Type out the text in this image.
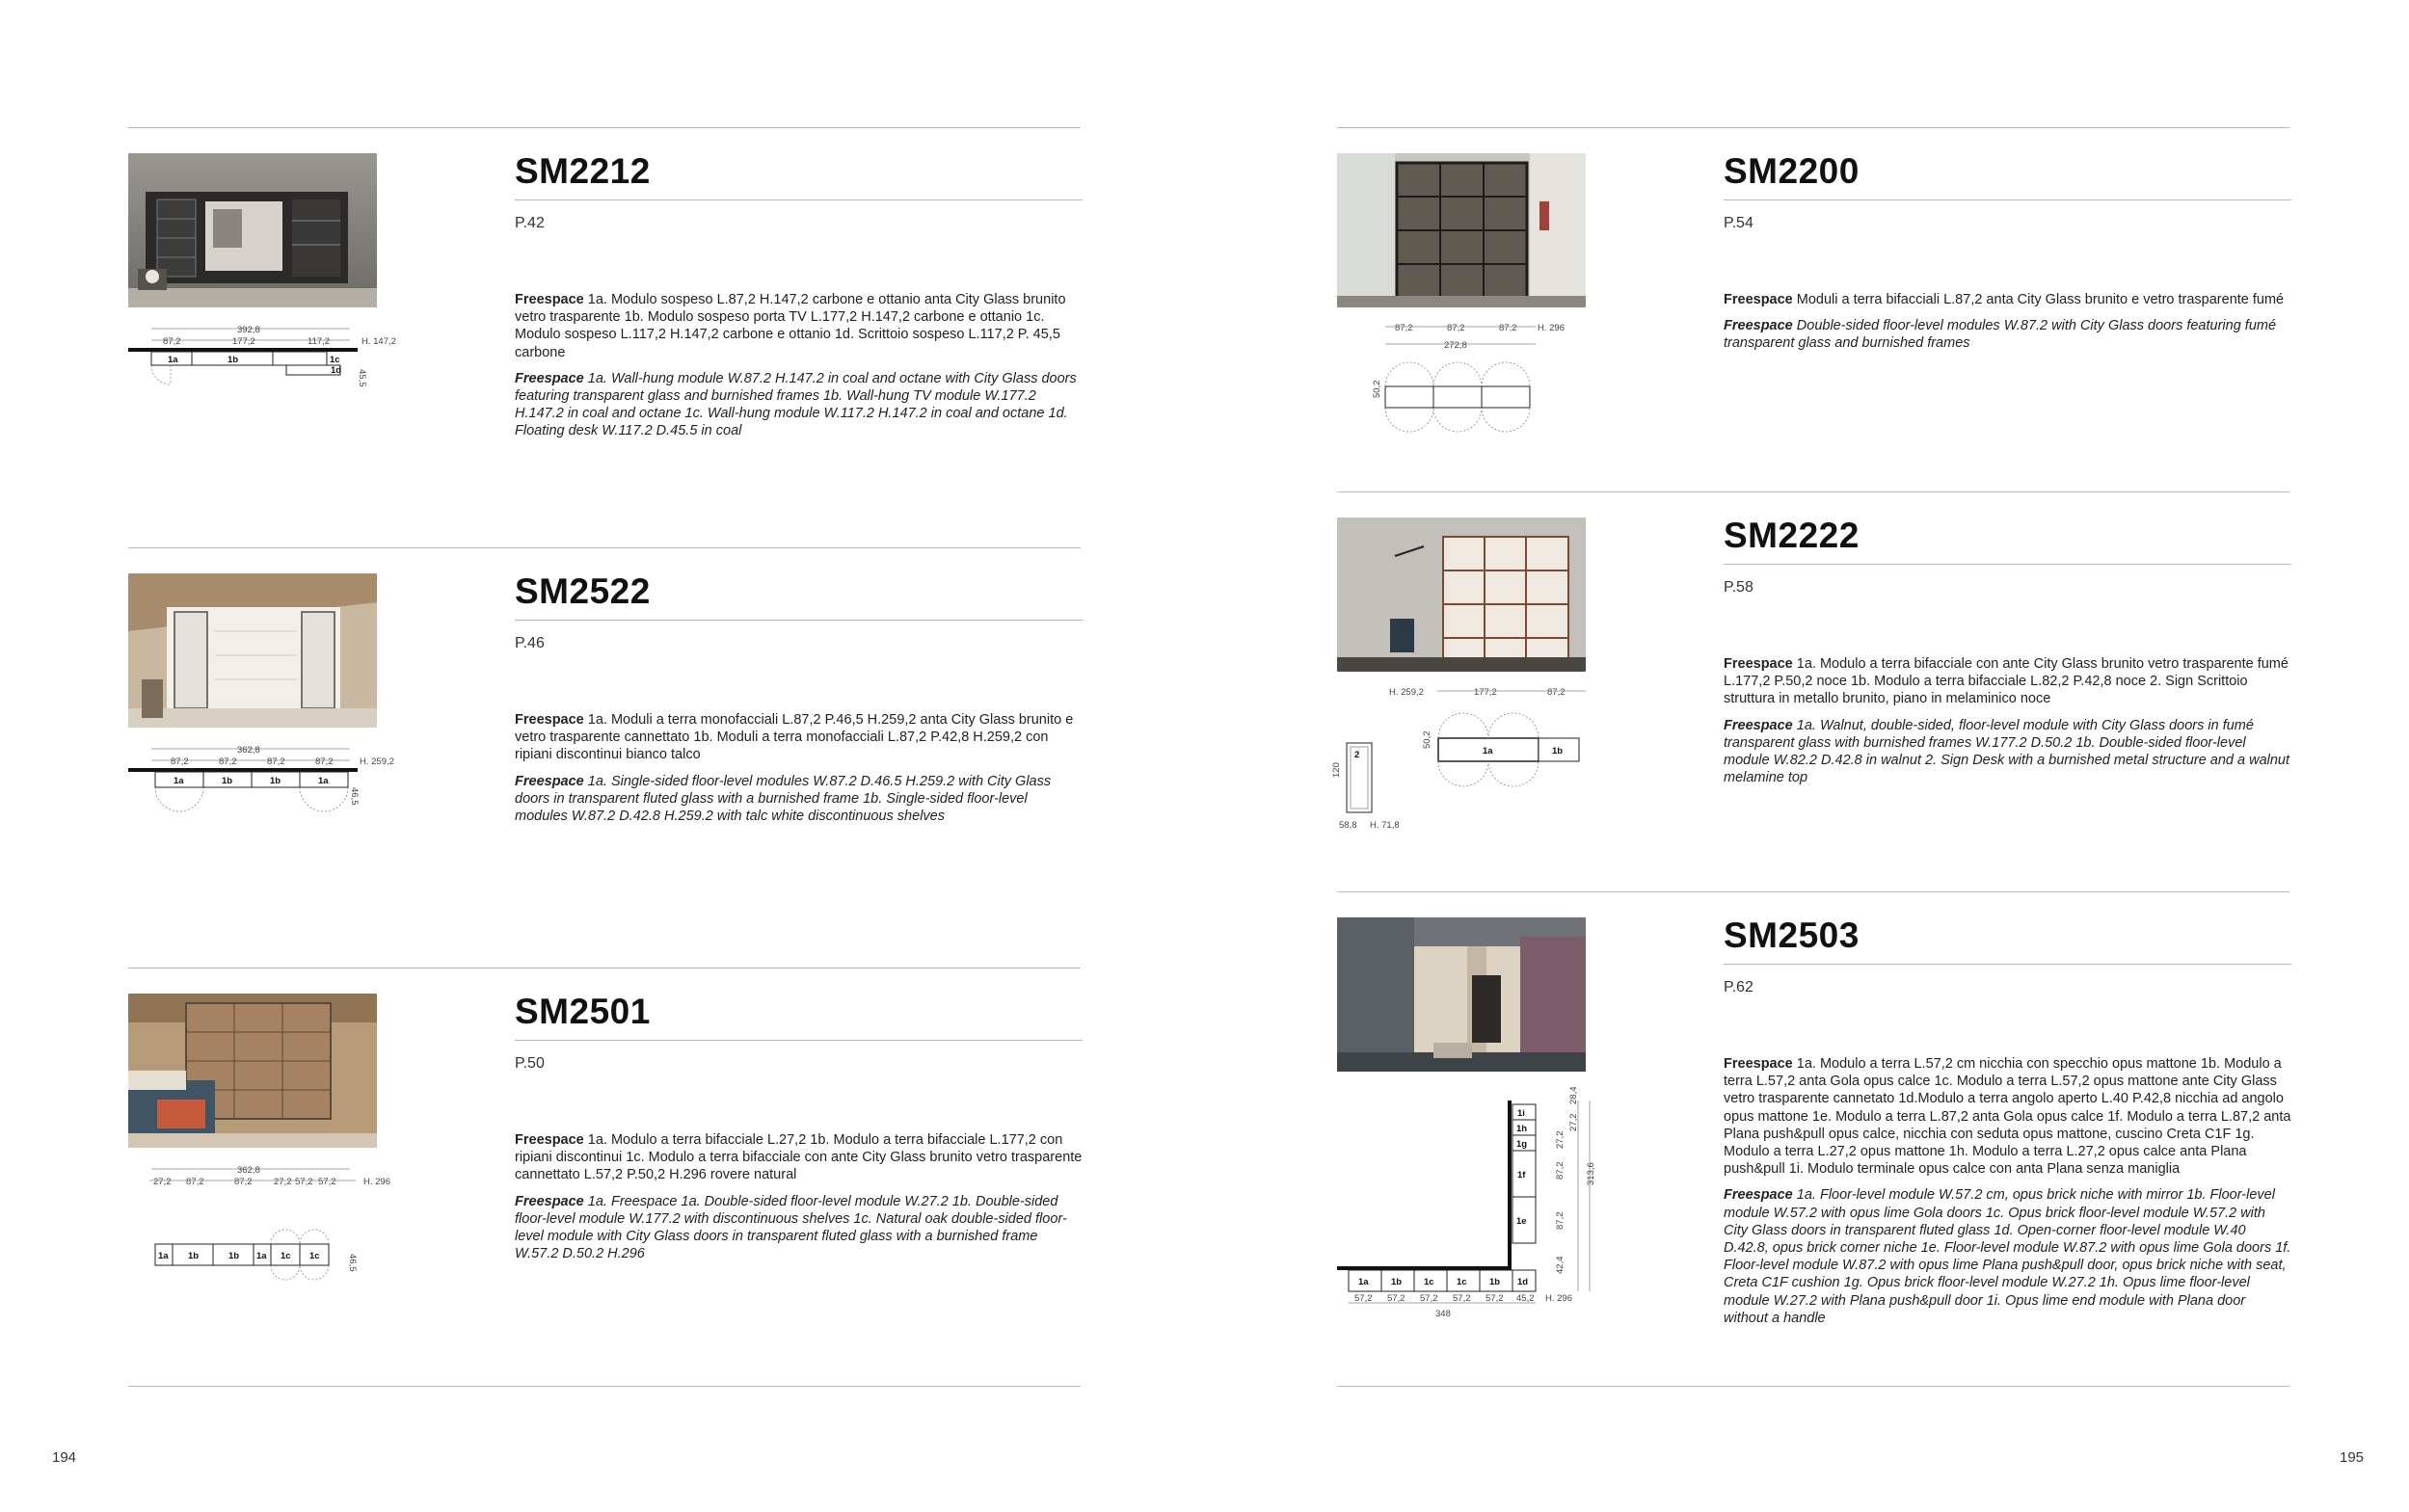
392,8
87,2	177,2	117,2	H. 147,2
1a	1b	1c
1d 45,5
SM2212
P.42
Freespace 1a. Modulo sospeso L.87,2 H.147,2 carbone e ottanio anta City Glass brunito vetro trasparente 1b. Modulo sospeso porta TV L.177,2 H.147,2 carbone e ottanio 1c. Modulo sospeso L.117,2 H.147,2 carbone e ottanio 1d. Scrittoio sospeso L.117,2 P. 45,5 carbone
Freespace 1a. Wall-hung module W.87.2 H.147.2 in coal and octane with City Glass doors featuring transparent glass and burnished frames 1b. Wall-hung TV module W.177.2 H.147.2 in coal and octane 1c. Wall-hung module W.117.2 H.147.2 in coal and octane 1d. Floating desk W.117.2 D.45.5 in coal
362,8
87,2	87,2	87,2	87,2	H. 259,2
1a	1b	1b	1a
46,5
SM2522
P.46
Freespace 1a. Moduli a terra monofacciali L.87,2 P.46,5 H.259,2 anta City Glass brunito e vetro trasparente cannettato 1b. Moduli a terra monofacciali L.87,2 P.42,8 H.259,2 con ripiani discontinui bianco talco
Freespace 1a. Single-sided floor-level modules W.87.2 D.46.5 H.259.2 with City Glass doors in transparent fluted glass with a burnished frame 1b. Single-sided floor-level modules W.87.2 D.42.8 H.259.2 with talc white discontinuous shelves
362,8
27,2 87,2	87,2 27,2 57,2 57,2	H. 296
1a 1b	1b 1a 1c 1c	46,5
SM2501
P.50
Freespace 1a. Modulo a terra bifacciale L.27,2 1b. Modulo a terra bifacciale L.177,2 con ripiani discontinui 1c. Modulo a terra bifacciale con ante City Glass brunito vetro trasparente cannettato L.57,2 P.50,2 H.296 rovere natural
Freespace 1a. Freespace 1a. Double-sided floor-level module W.27.2 1b. Double-sided floor-level module W.177.2 with discontinuous shelves 1c. Natural oak double-sided floor-level module with City Glass doors in transparent fluted glass with a burnished frame W.57.2 D.50.2 H.296
87,2	87,2	87,2 H. 296
272,8
50,2
SM2200
P.54
Freespace Moduli a terra bifacciali L.87,2 anta City Glass brunito e vetro trasparente fumé
Freespace Double-sided floor-level modules W.87.2 with City Glass doors featuring fumé transparent glass and burnished frames
H. 259,2	177,2	87,2
1a	1b
50,2
2
120
58,8 H. 71,8
SM2222
P.58
Freespace 1a. Modulo a terra bifacciale con ante City Glass brunito vetro trasparente fumé L.177,2 P.50,2 noce 1b. Modulo a terra bifacciale L.82,2 P.42,8 noce 2. Sign Scrittoio struttura in metallo brunito, piano in melaminico noce
Freespace 1a. Walnut, double-sided, floor-level module with City Glass doors in fumé transparent glass with burnished frames W.177.2 D.50.2 1b. Double-sided floor-level module W.82.2 D.42.8 in walnut 2. Sign Desk with a burnished metal structure and a walnut melamine top
1i
1h
1g
1f
1e
1a 1b 1c 1c 1b 1d
42,4
87,2
87,2
27,2
27,2
28,4
313,6
57,2 57,2 57,2 57,2 57,2 45,2 H. 296
348
SM2503
P.62
Freespace 1a. Modulo a terra L.57,2 cm nicchia con specchio opus mattone 1b. Modulo a terra L.57,2 anta Gola opus calce 1c. Modulo a terra L.57,2 opus mattone ante City Glass vetro trasparente cannetato 1d.Modulo a terra angolo aperto L.40 P.42,8 nicchia ad angolo opus mattone 1e. Modulo a terra L.87,2 anta Gola opus calce 1f. Modulo a terra L.87,2 anta Plana push&pull opus calce, nicchia con seduta opus mattone, cuscino Creta C1F 1g. Modulo a terra L.27,2 opus mattone 1h. Modulo a terra L.27,2 opus calce anta Plana push&pull 1i. Modulo terminale opus calce con anta Plana senza maniglia
Freespace 1a. Floor-level module W.57.2 cm, opus brick niche with mirror 1b. Floor-level module W.57.2 with opus lime Gola doors 1c. Opus brick floor-level module W.57.2 with City Glass doors in transparent fluted glass 1d. Open-corner floor-level module W.40 D.42.8, opus brick corner niche 1e. Floor-level module W.87.2 with opus lime Gola doors 1f. Floor-level module W.87.2 with opus lime Plana push&pull door, opus brick niche with seat, Creta C1F cushion 1g. Opus brick floor-level module W.27.2 1h. Opus lime floor-level module W.27.2 with Plana push&pull door 1i. Opus lime end module with Plana door without a handle
194	195
